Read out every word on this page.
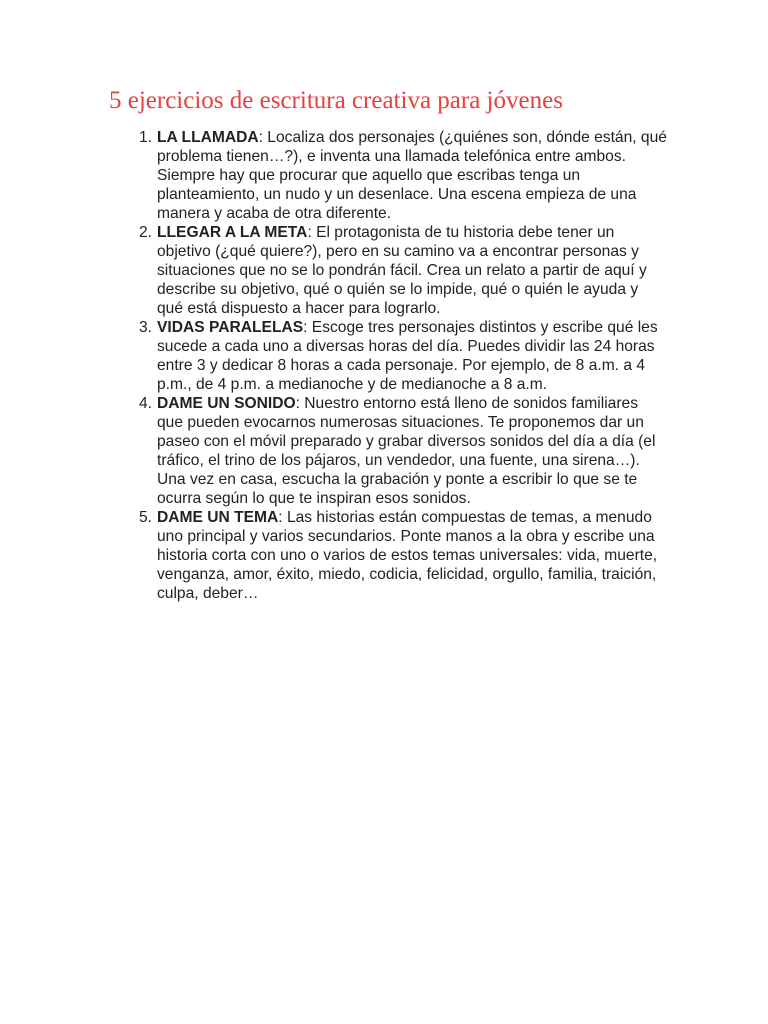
5 ejercicios de escritura creativa para jóvenes
1. LA LLAMADA: Localiza dos personajes (¿quiénes son, dónde están, qué problema tienen…?), e inventa una llamada telefónica entre ambos. Siempre hay que procurar que aquello que escribas tenga un planteamiento, un nudo y un desenlace. Una escena empieza de una manera y acaba de otra diferente.
2. LLEGAR A LA META: El protagonista de tu historia debe tener un objetivo (¿qué quiere?), pero en su camino va a encontrar personas y situaciones que no se lo pondrán fácil. Crea un relato a partir de aquí y describe su objetivo, qué o quién se lo impide, qué o quién le ayuda y qué está dispuesto a hacer para lograrlo.
3. VIDAS PARALELAS: Escoge tres personajes distintos y escribe qué les sucede a cada uno a diversas horas del día. Puedes dividir las 24 horas entre 3 y dedicar 8 horas a cada personaje. Por ejemplo, de 8 a.m. a 4 p.m., de 4 p.m. a medianoche y de medianoche a 8 a.m.
4. DAME UN SONIDO: Nuestro entorno está lleno de sonidos familiares que pueden evocarnos numerosas situaciones. Te proponemos dar un paseo con el móvil preparado y grabar diversos sonidos del día a día (el tráfico, el trino de los pájaros, un vendedor, una fuente, una sirena…). Una vez en casa, escucha la grabación y ponte a escribir lo que se te ocurra según lo que te inspiran esos sonidos.
5. DAME UN TEMA: Las historias están compuestas de temas, a menudo uno principal y varios secundarios. Ponte manos a la obra y escribe una historia corta con uno o varios de estos temas universales: vida, muerte, venganza, amor, éxito, miedo, codicia, felicidad, orgullo, familia, traición, culpa, deber…
